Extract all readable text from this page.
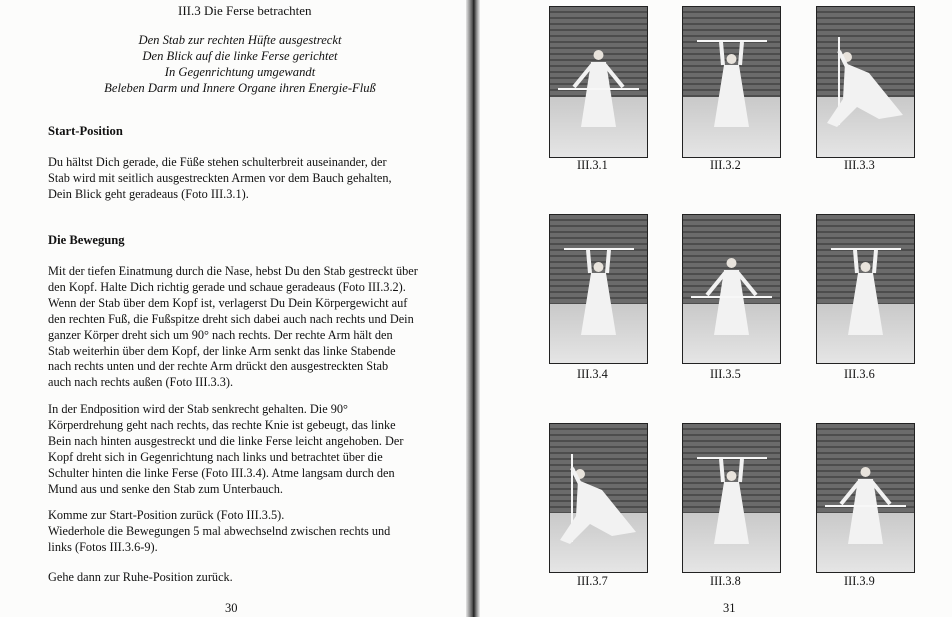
III.3 Die Ferse betrachten
Den Stab zur rechten Hüfte ausgestreckt
Den Blick auf die linke Ferse gerichtet
In Gegenrichtung umgewandt
Beleben Darm und Innere Organe ihren Energie-Fluß
Start-Position
Du hältst Dich gerade, die Füße stehen schulterbreit auseinander, der
Stab wird mit seitlich ausgestreckten Armen vor dem Bauch gehalten,
Dein Blick geht geradeaus (Foto III.3.1).
Die Bewegung
Mit der tiefen Einatmung durch die Nase, hebst Du den Stab gestreckt über
den Kopf. Halte Dich richtig gerade und schaue geradeaus (Foto III.3.2).
Wenn der Stab über dem Kopf ist, verlagerst Du Dein Körpergewicht auf
den rechten Fuß, die Fußspitze dreht sich dabei auch nach rechts und Dein
ganzer Körper dreht sich um 90° nach rechts. Der rechte Arm hält den
Stab weiterhin über dem Kopf, der linke Arm senkt das linke Stabende
nach rechts unten und der rechte Arm drückt den ausgestreckten Stab
auch nach rechts außen (Foto III.3.3).
In der Endposition wird der Stab senkrecht gehalten. Die 90°
Körperdrehung geht nach rechts, das rechte Knie ist gebeugt, das linke
Bein nach hinten ausgestreckt und die linke Ferse leicht angehoben. Der
Kopf dreht sich in Gegenrichtung nach links und betrachtet über die
Schulter hinten die linke Ferse (Foto III.3.4). Atme langsam durch den
Mund aus und senke den Stab zum Unterbauch.
Komme zur Start-Position zurück (Foto III.3.5).
Wiederhole die Bewegungen 5 mal abwechselnd zwischen rechts und
links (Fotos III.3.6-9).
Gehe dann zur Ruhe-Position zurück.
30
III.3.1	III.3.2	III.3.3
III.3.4	III.3.5	III.3.6
III.3.7	III.3.8	III.3.9
31
